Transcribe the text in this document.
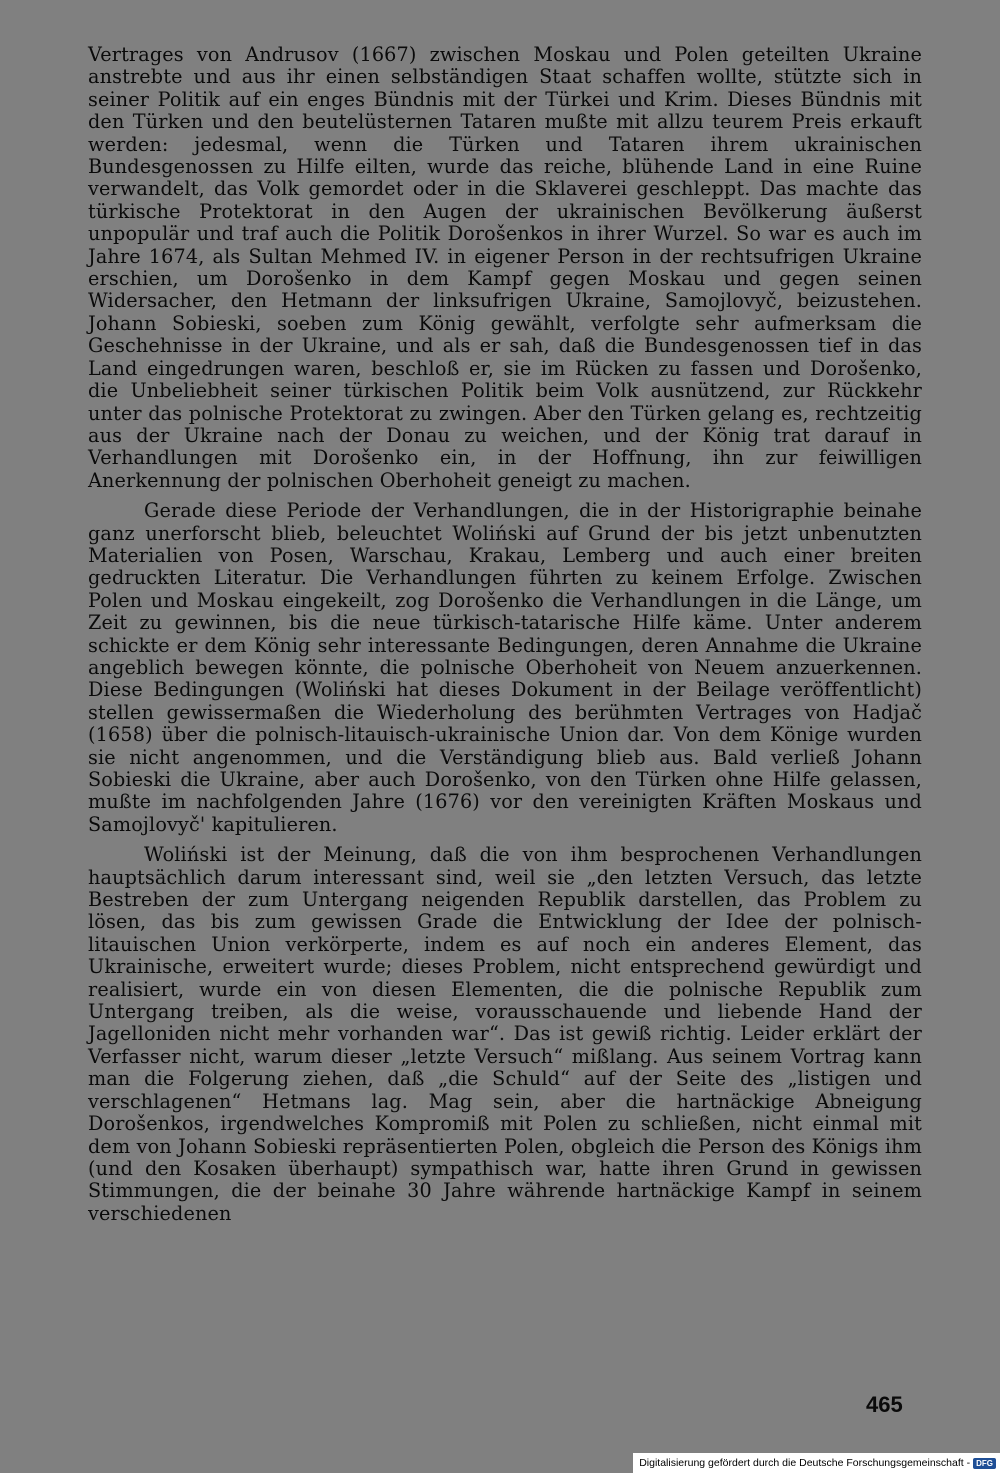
Vertrages von Andrusov (1667) zwischen Moskau und Polen geteilten Ukraine anstrebte und aus ihr einen selbständigen Staat schaffen wollte, stützte sich in seiner Politik auf ein enges Bündnis mit der Türkei und Krim. Dieses Bündnis mit den Türken und den beutelüsternen Tataren mußte mit allzu teurem Preis erkauft werden: jedesmal, wenn die Türken und Tataren ihrem ukrainischen Bundesgenossen zu Hilfe eilten, wurde das reiche, blühende Land in eine Ruine verwandelt, das Volk gemordet oder in die Sklaverei geschleppt. Das machte das türkische Protektorat in den Augen der ukrainischen Bevölkerung äußerst unpopulär und traf auch die Politik Dorošenkos in ihrer Wurzel. So war es auch im Jahre 1674, als Sultan Mehmed IV. in eigener Person in der rechtsufrigen Ukraine erschien, um Dorošenko in dem Kampf gegen Moskau und gegen seinen Widersacher, den Hetmann der linksufrigen Ukraine, Samojlovyč, beizustehen. Johann Sobieski, soeben zum König gewählt, verfolgte sehr aufmerksam die Geschehnisse in der Ukraine, und als er sah, daß die Bundesgenossen tief in das Land eingedrungen waren, beschloß er, sie im Rücken zu fassen und Dorošenko, die Unbeliebheit seiner türkischen Politik beim Volk ausnützend, zur Rückkehr unter das polnische Protektorat zu zwingen. Aber den Türken gelang es, rechtzeitig aus der Ukraine nach der Donau zu weichen, und der König trat darauf in Verhandlungen mit Dorošenko ein, in der Hoffnung, ihn zur feiwilligen Anerkennung der polnischen Oberhoheit geneigt zu machen.

Gerade diese Periode der Verhandlungen, die in der Historigraphie beinahe ganz unerforscht blieb, beleuchtet Woliński auf Grund der bis jetzt unbenutzten Materialien von Posen, Warschau, Krakau, Lemberg und auch einer breiten gedruckten Literatur. Die Verhandlungen führten zu keinem Erfolge. Zwischen Polen und Moskau eingekeilt, zog Dorošenko die Verhandlungen in die Länge, um Zeit zu gewinnen, bis die neue türkisch-tatarische Hilfe käme. Unter anderem schickte er dem König sehr interessante Bedingungen, deren Annahme die Ukraine angeblich bewegen könnte, die polnische Oberhoheit von Neuem anzuerkennen. Diese Bedingungen (Woliński hat dieses Dokument in der Beilage veröffentlicht) stellen gewissermaßen die Wiederholung des berühmten Vertrages von Hadjač (1658) über die polnisch-litauisch-ukrainische Union dar. Von dem Könige wurden sie nicht angenommen, und die Verständigung blieb aus. Bald verließ Johann Sobieski die Ukraine, aber auch Dorošenko, von den Türken ohne Hilfe gelassen, mußte im nachfolgenden Jahre (1676) vor den vereinigten Kräften Moskaus und Samojlovyč' kapitulieren.

Woliński ist der Meinung, daß die von ihm besprochenen Verhandlungen hauptsächlich darum interessant sind, weil sie „den letzten Versuch, das letzte Bestreben der zum Untergang neigenden Republik darstellen, das Problem zu lösen, das bis zum gewissen Grade die Entwicklung der Idee der polnisch-litauischen Union verkörperte, indem es auf noch ein anderes Element, das Ukrainische, erweitert wurde; dieses Problem, nicht entsprechend gewürdigt und realisiert, wurde ein von diesen Elementen, die die polnische Republik zum Untergang treiben, als die weise, vorausschauende und liebende Hand der Jagelloniden nicht mehr vorhanden war“. Das ist gewiß richtig. Leider erklärt der Verfasser nicht, warum dieser „letzte Versuch“ mißlang. Aus seinem Vortrag kann man die Folgerung ziehen, daß „die Schuld“ auf der Seite des „listigen und verschlagenen“ Hetmans lag. Mag sein, aber die hartnäckige Abneigung Dorošenkos, irgendwelches Kompromiß mit Polen zu schließen, nicht einmal mit dem von Johann Sobieski repräsentierten Polen, obgleich die Person des Königs ihm (und den Kosaken überhaupt) sympathisch war, hatte ihren Grund in gewissen Stimmungen, die der beinahe 30 Jahre währende hartnäckige Kampf in seinem verschiedenen

465
Digitalisierung gefördert durch die Deutsche Forschungsgemeinschaft - DFG
